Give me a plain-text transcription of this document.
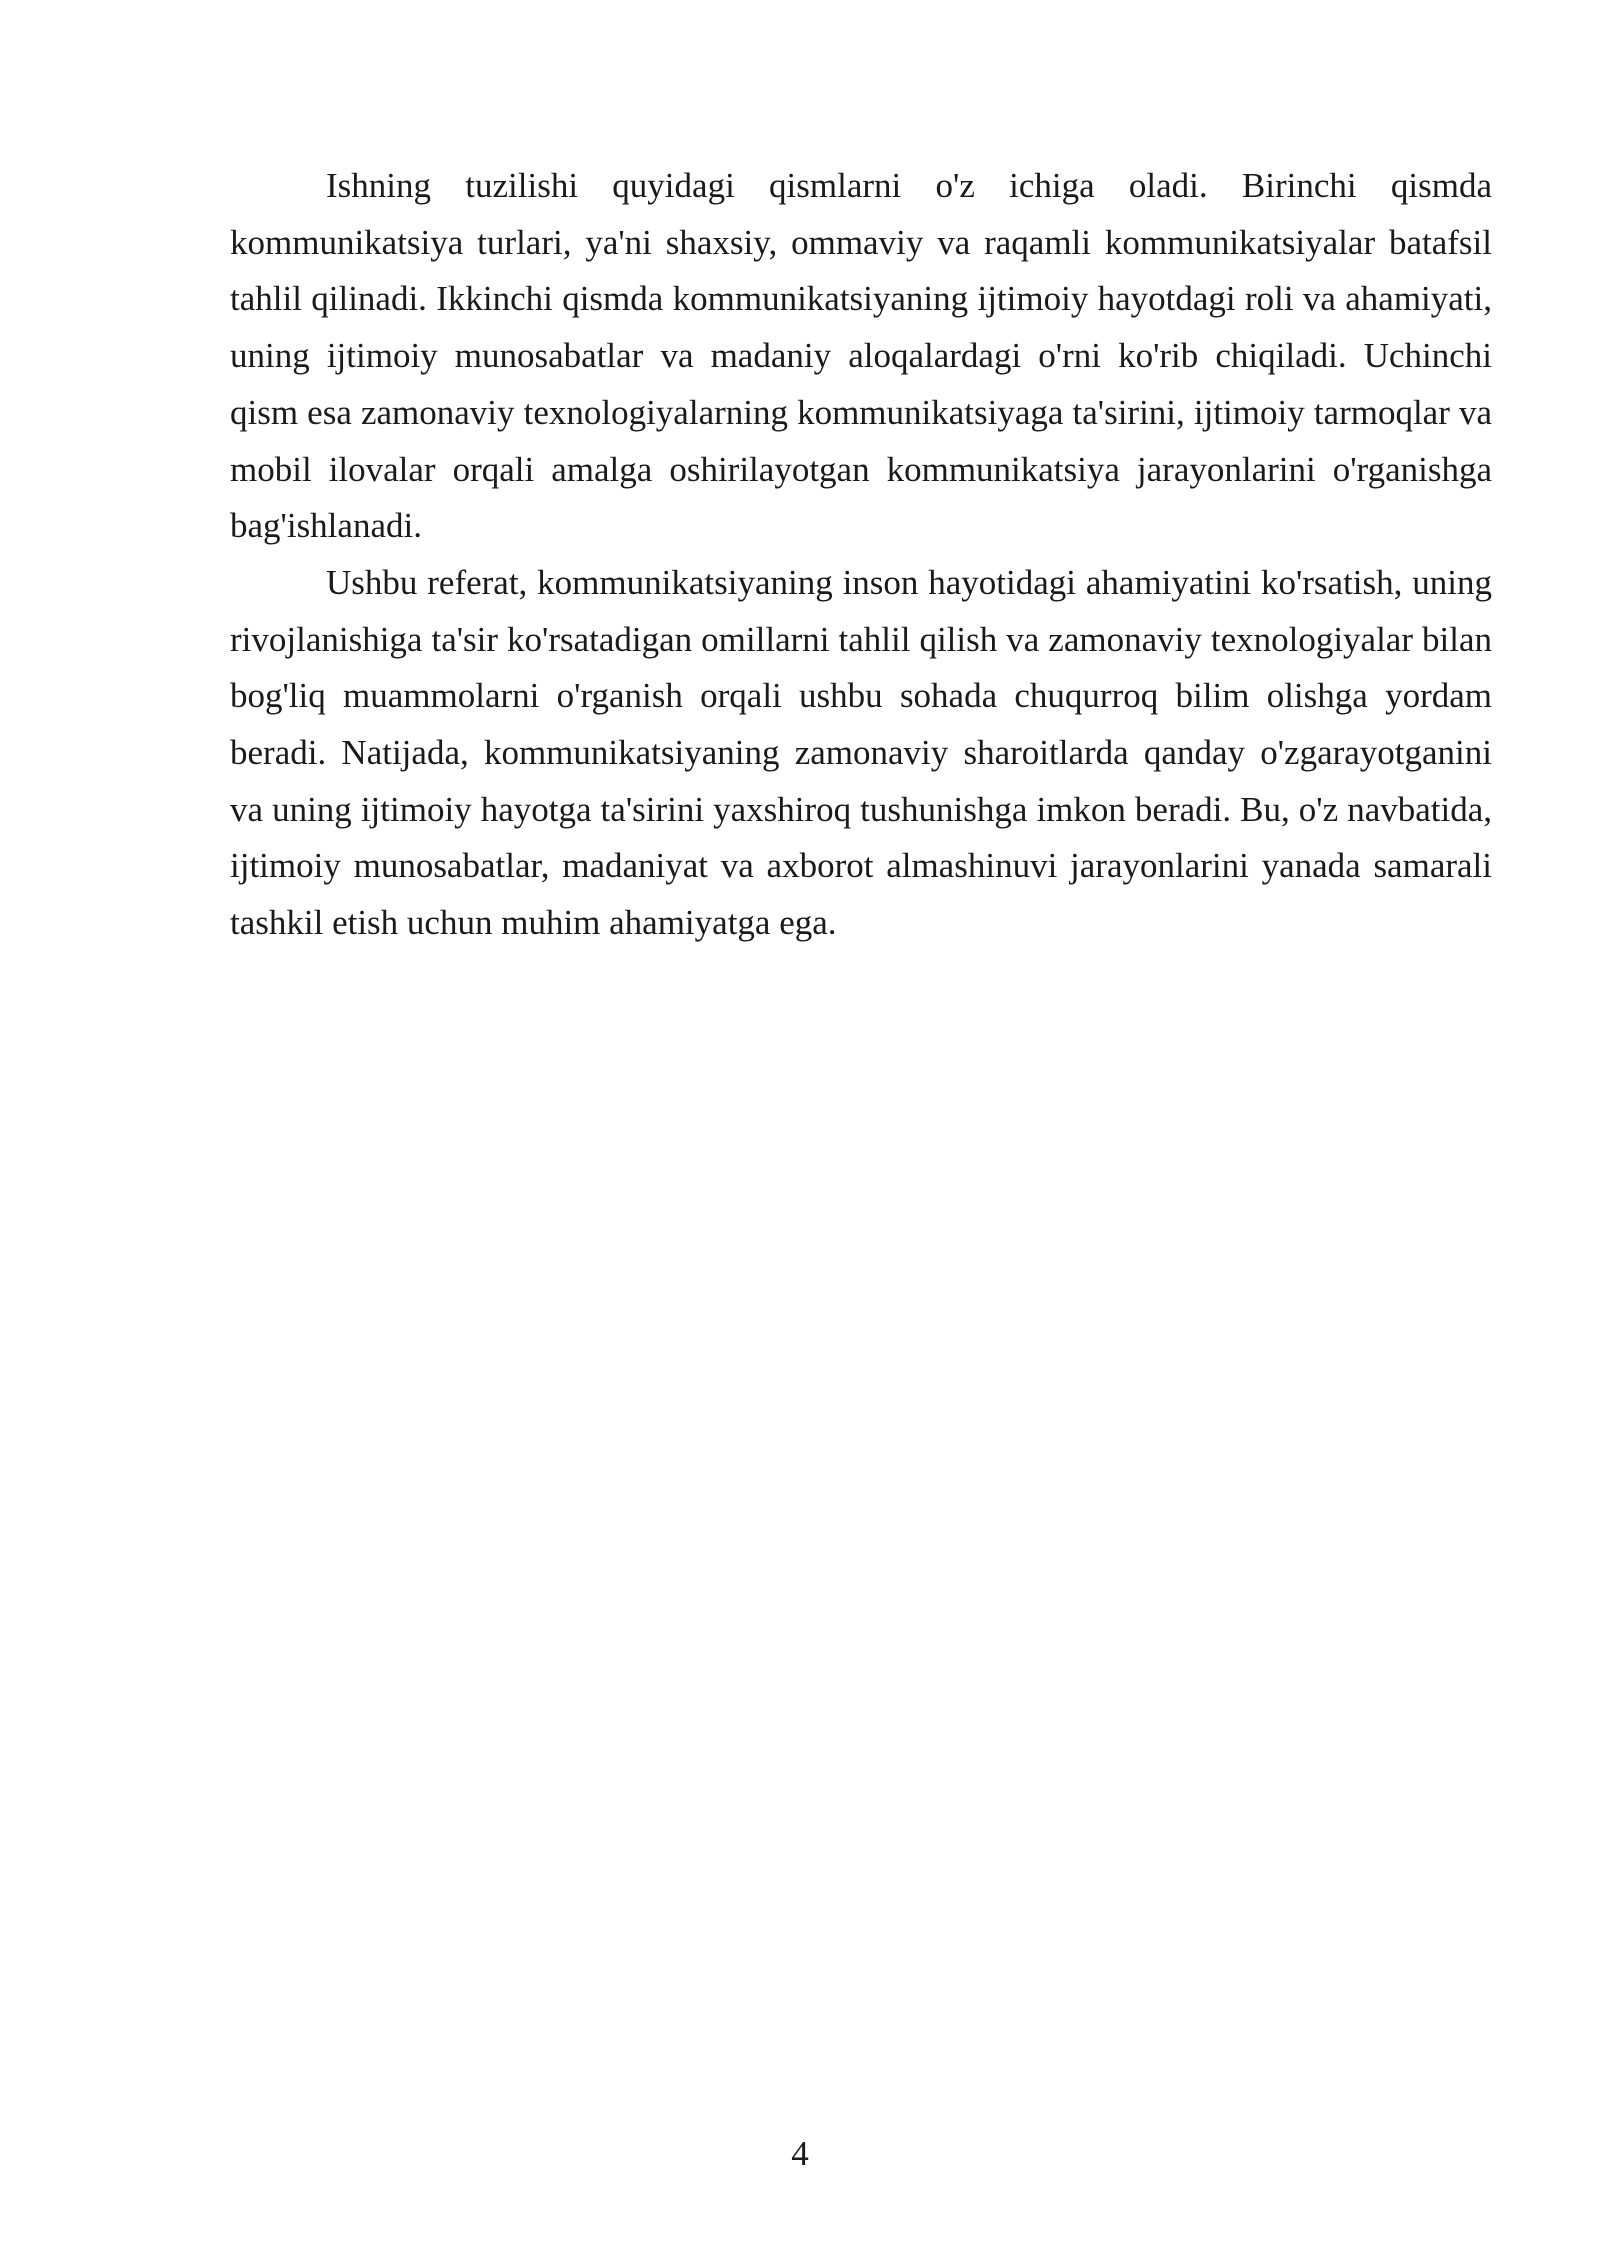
Ishning tuzilishi quyidagi qismlarni o'z ichiga oladi. Birinchi qismda kommunikatsiya turlari, ya'ni shaxsiy, ommaviy va raqamli kommunikatsiyalar batafsil tahlil qilinadi. Ikkinchi qismda kommunikatsiyaning ijtimoiy hayotdagi roli va ahamiyati, uning ijtimoiy munosabatlar va madaniy aloqalardagi o'rni ko'rib chiqiladi. Uchinchi qism esa zamonaviy texnologiyalarning kommunikatsiyaga ta'sirini, ijtimoiy tarmoqlar va mobil ilovalar orqali amalga oshirilayotgan kommunikatsiya jarayonlarini o'rganishga bag'ishlanadi.

Ushbu referat, kommunikatsiyaning inson hayotidagi ahamiyatini ko'rsatish, uning rivojlanishiga ta'sir ko'rsatadigan omillarni tahlil qilish va zamonaviy texnologiyalar bilan bog'liq muammolarni o'rganish orqali ushbu sohada chuqurroq bilim olishga yordam beradi. Natijada, kommunikatsiyaning zamonaviy sharoitlarda qanday o'zgarayotganini va uning ijtimoiy hayotga ta'sirini yaxshiroq tushunishga imkon beradi. Bu, o'z navbatida, ijtimoiy munosabatlar, madaniyat va axborot almashinuvi jarayonlarini yanada samarali tashkil etish uchun muhim ahamiyatga ega.

4
